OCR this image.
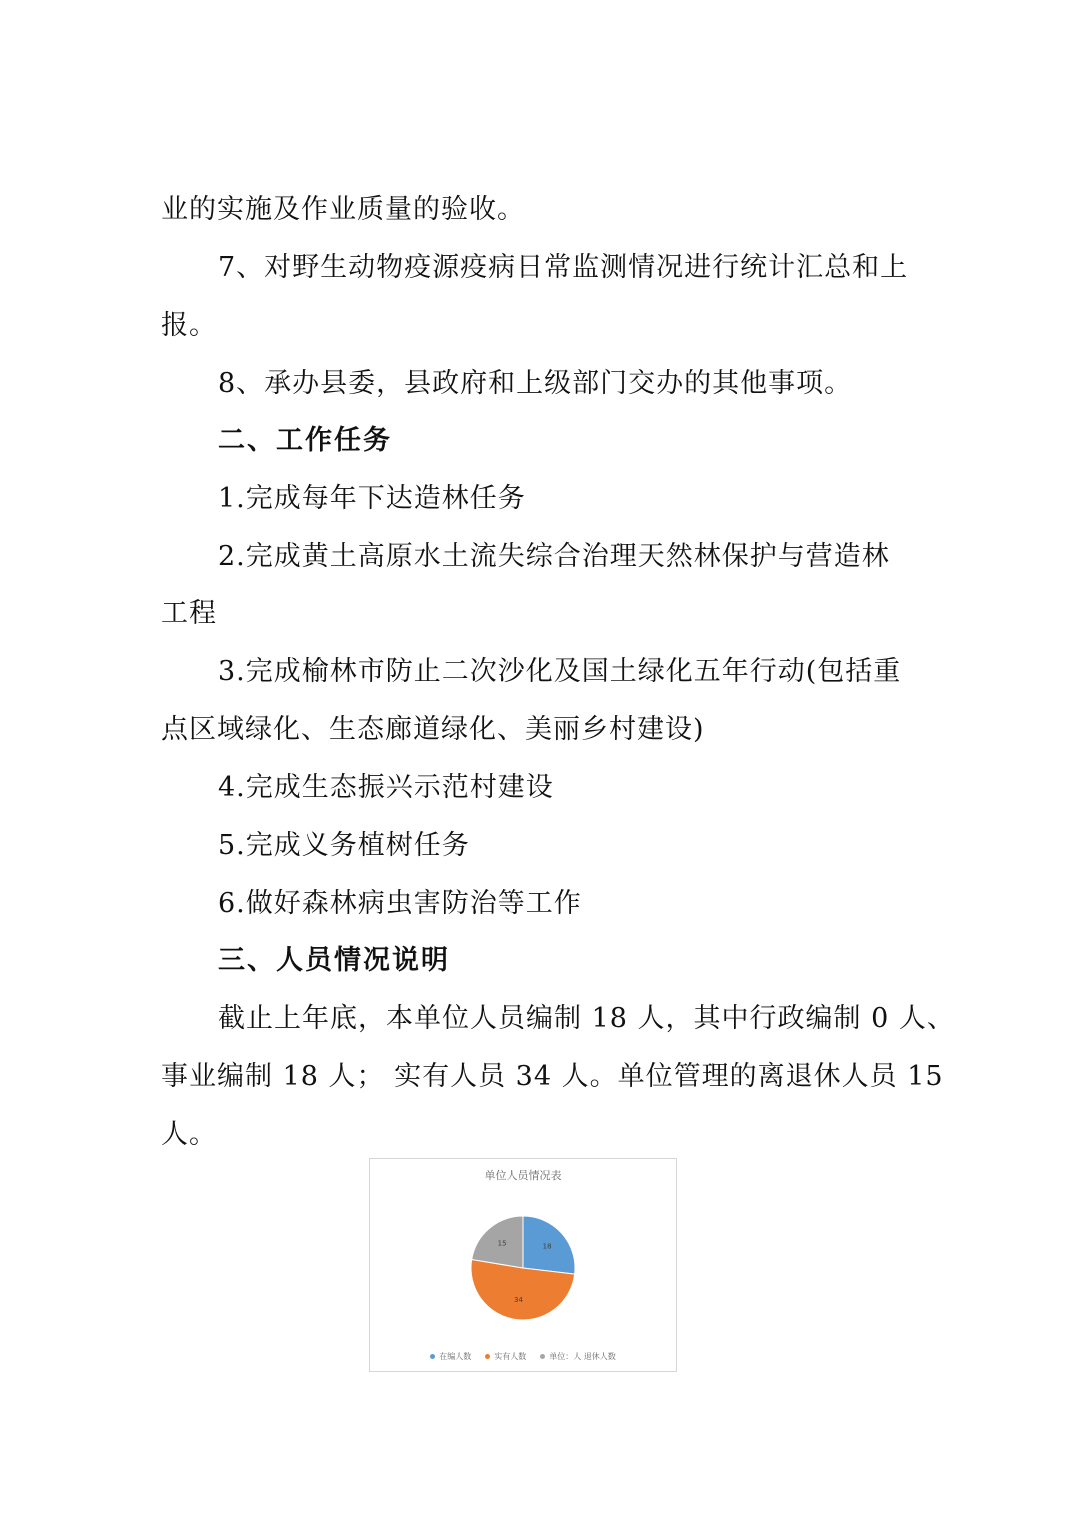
业的实施及作业质量的验收。
7、对野生动物疫源疫病日常监测情况进行统计汇总和上
报。
8、承办县委，县政府和上级部门交办的其他事项。
二、工作任务
1.完成每年下达造林任务
2.完成黄土高原水土流失综合治理天然林保护与营造林
工程
3.完成榆林市防止二次沙化及国土绿化五年行动(包括重
点区域绿化、生态廊道绿化、美丽乡村建设)
4.完成生态振兴示范村建设
5.完成义务植树任务
6.做好森林病虫害防治等工作
三、人员情况说明
截止上年底，本单位人员编制 18 人，其中行政编制 0 人、
事业编制 18 人； 实有人员 34 人。单位管理的离退休人员 15
人。
单位人员情况表
18
34
15
在编人数	实有人数	单位：人 退休人数
